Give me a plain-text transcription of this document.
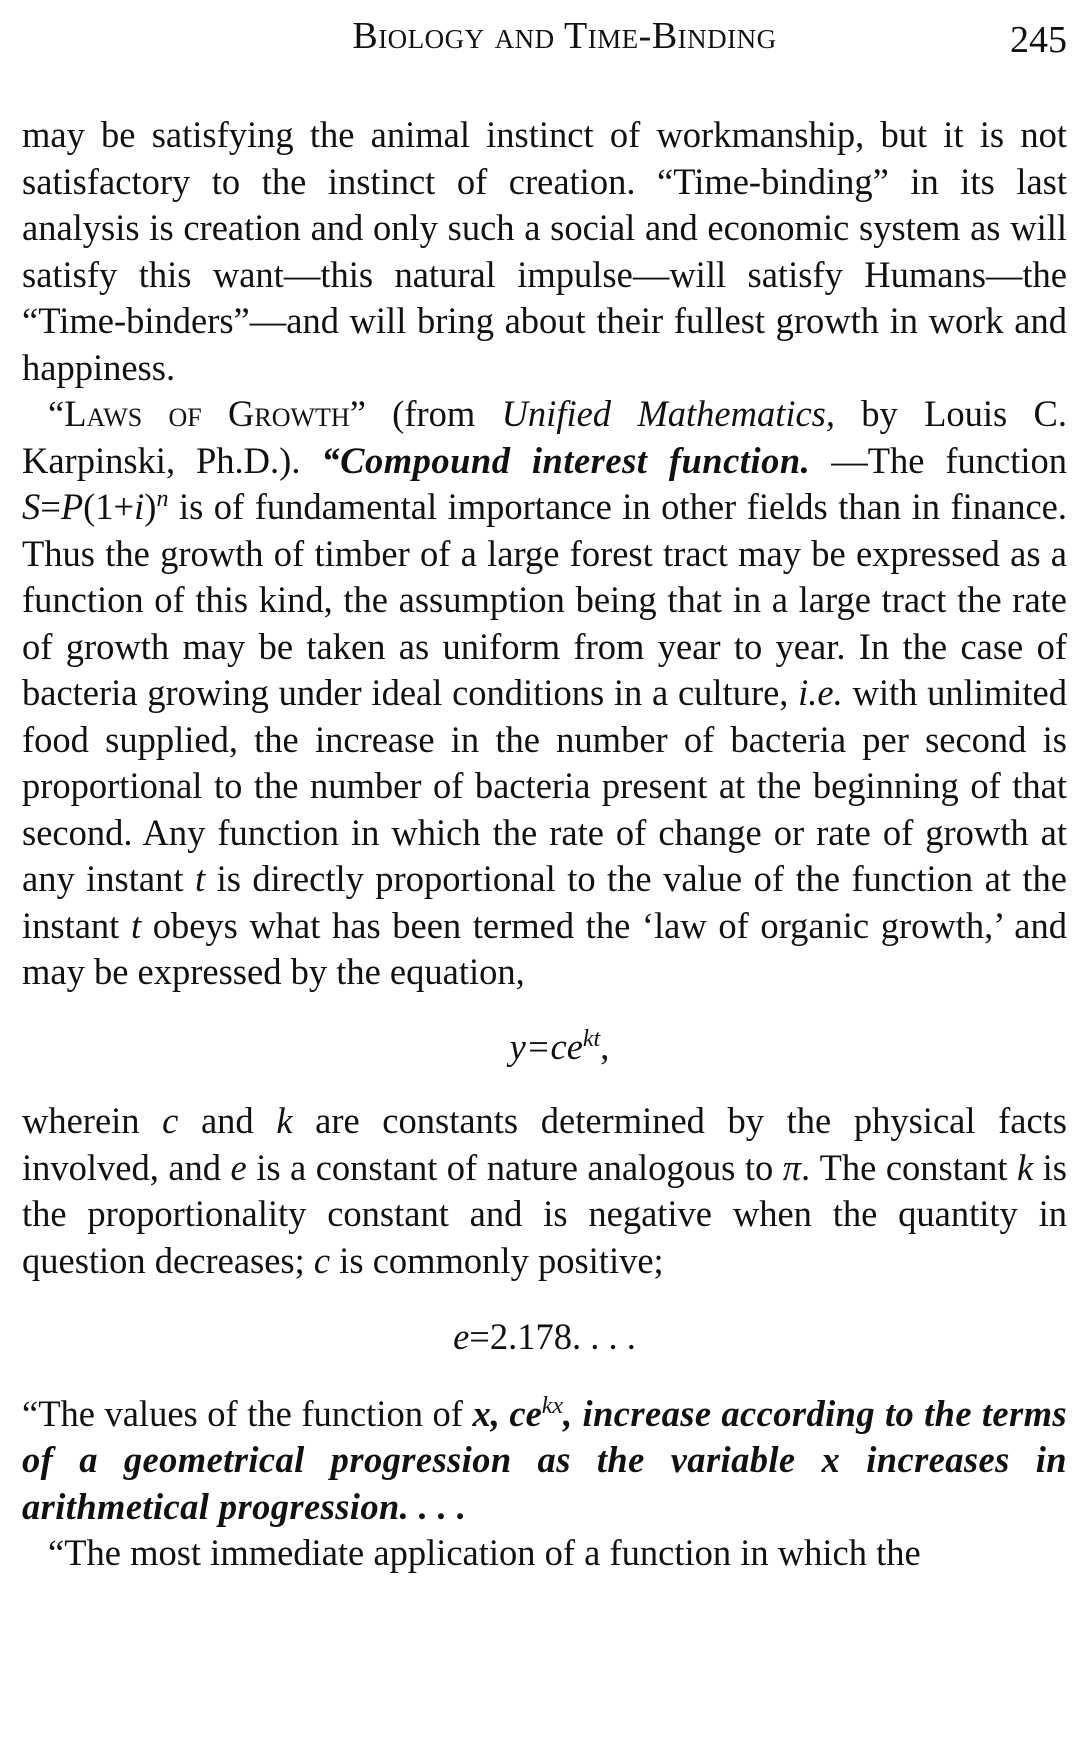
Biology and Time-Binding	245

may be satisfying the animal instinct of workmanship, but it is not satisfactory to the instinct of creation. “Time-binding” in its last analysis is creation and only such a social and economic system as will satisfy this want—this natural impulse—will satisfy Humans—the “Time-binders”—and will bring about their fullest growth in work and happiness.

“Laws of Growth” (from Unified Mathematics, by Louis C. Karpinski, Ph.D.). “Compound interest function. —The function $S=P(1+i)^n$ is of fundamental importance in other fields than in finance. Thus the growth of timber of a large forest tract may be expressed as a function of this kind, the assumption being that in a large tract the rate of growth may be taken as uniform from year to year. In the case of bacteria growing under ideal conditions in a culture, i.e. with unlimited food supplied, the increase in the number of bacteria per second is proportional to the number of bacteria present at the beginning of that second. Any function in which the rate of change or rate of growth at any instant t is directly proportional to the value of the function at the instant t obeys what has been termed the ‘law of organic growth,’ and may be expressed by the equation,

$y=ce^{kt}$,

wherein c and k are constants determined by the physical facts involved, and e is a constant of nature analogous to π. The constant k is the proportionality constant and is negative when the quantity in question decreases; c is commonly positive;

e=2.178. . . .

“The values of the function of x, $ce^{kx}$, increase according to the terms of a geometrical progression as the variable x increases in arithmetical progression. . . .

“The most immediate application of a function in which the
